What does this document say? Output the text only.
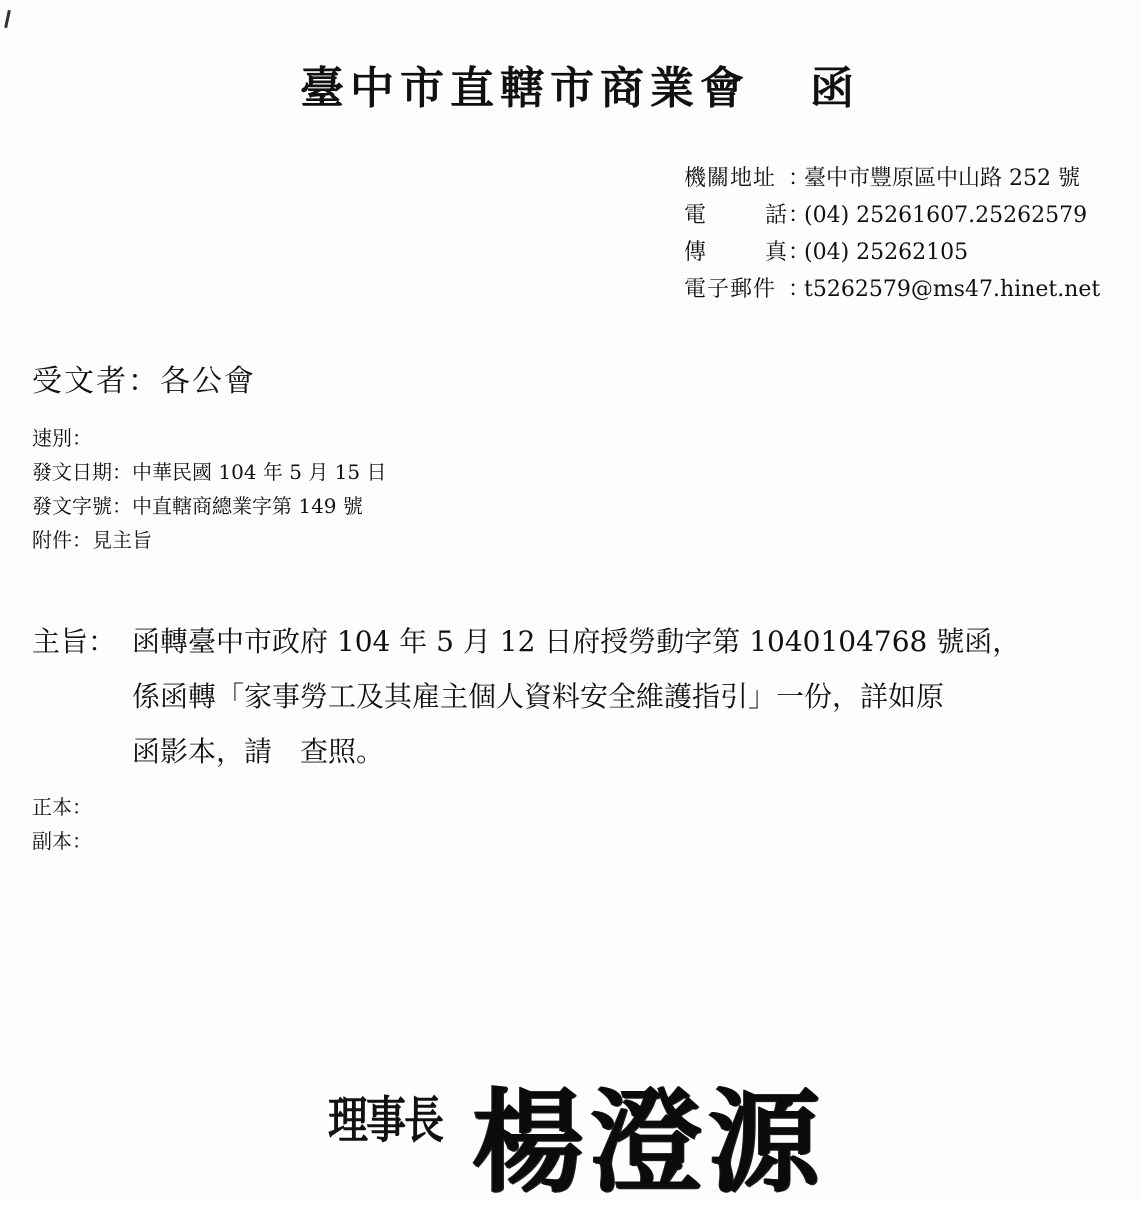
臺中市直轄市商業會 函
機關地址 ：
臺中市豐原區中山路 252 號
電	話 ：
(04) 25261607.25262579
傳	真 ：
(04) 25262105
電子郵件 ：
t5262579@ms47.hinet.net
受文者：各公會
速別：
發文日期：中華民國 104 年 5 月 15 日
發文字號：中直轄商總業字第 149 號
附件：見主旨
主旨： 函轉臺中市政府 104 年 5 月 12 日府授勞動字第 1040104768 號函，
係函轉「家事勞工及其雇主個人資料安全維護指引」一份，詳如原
函影本，請　查照。
正本：
副本：
理事長 楊澄源
